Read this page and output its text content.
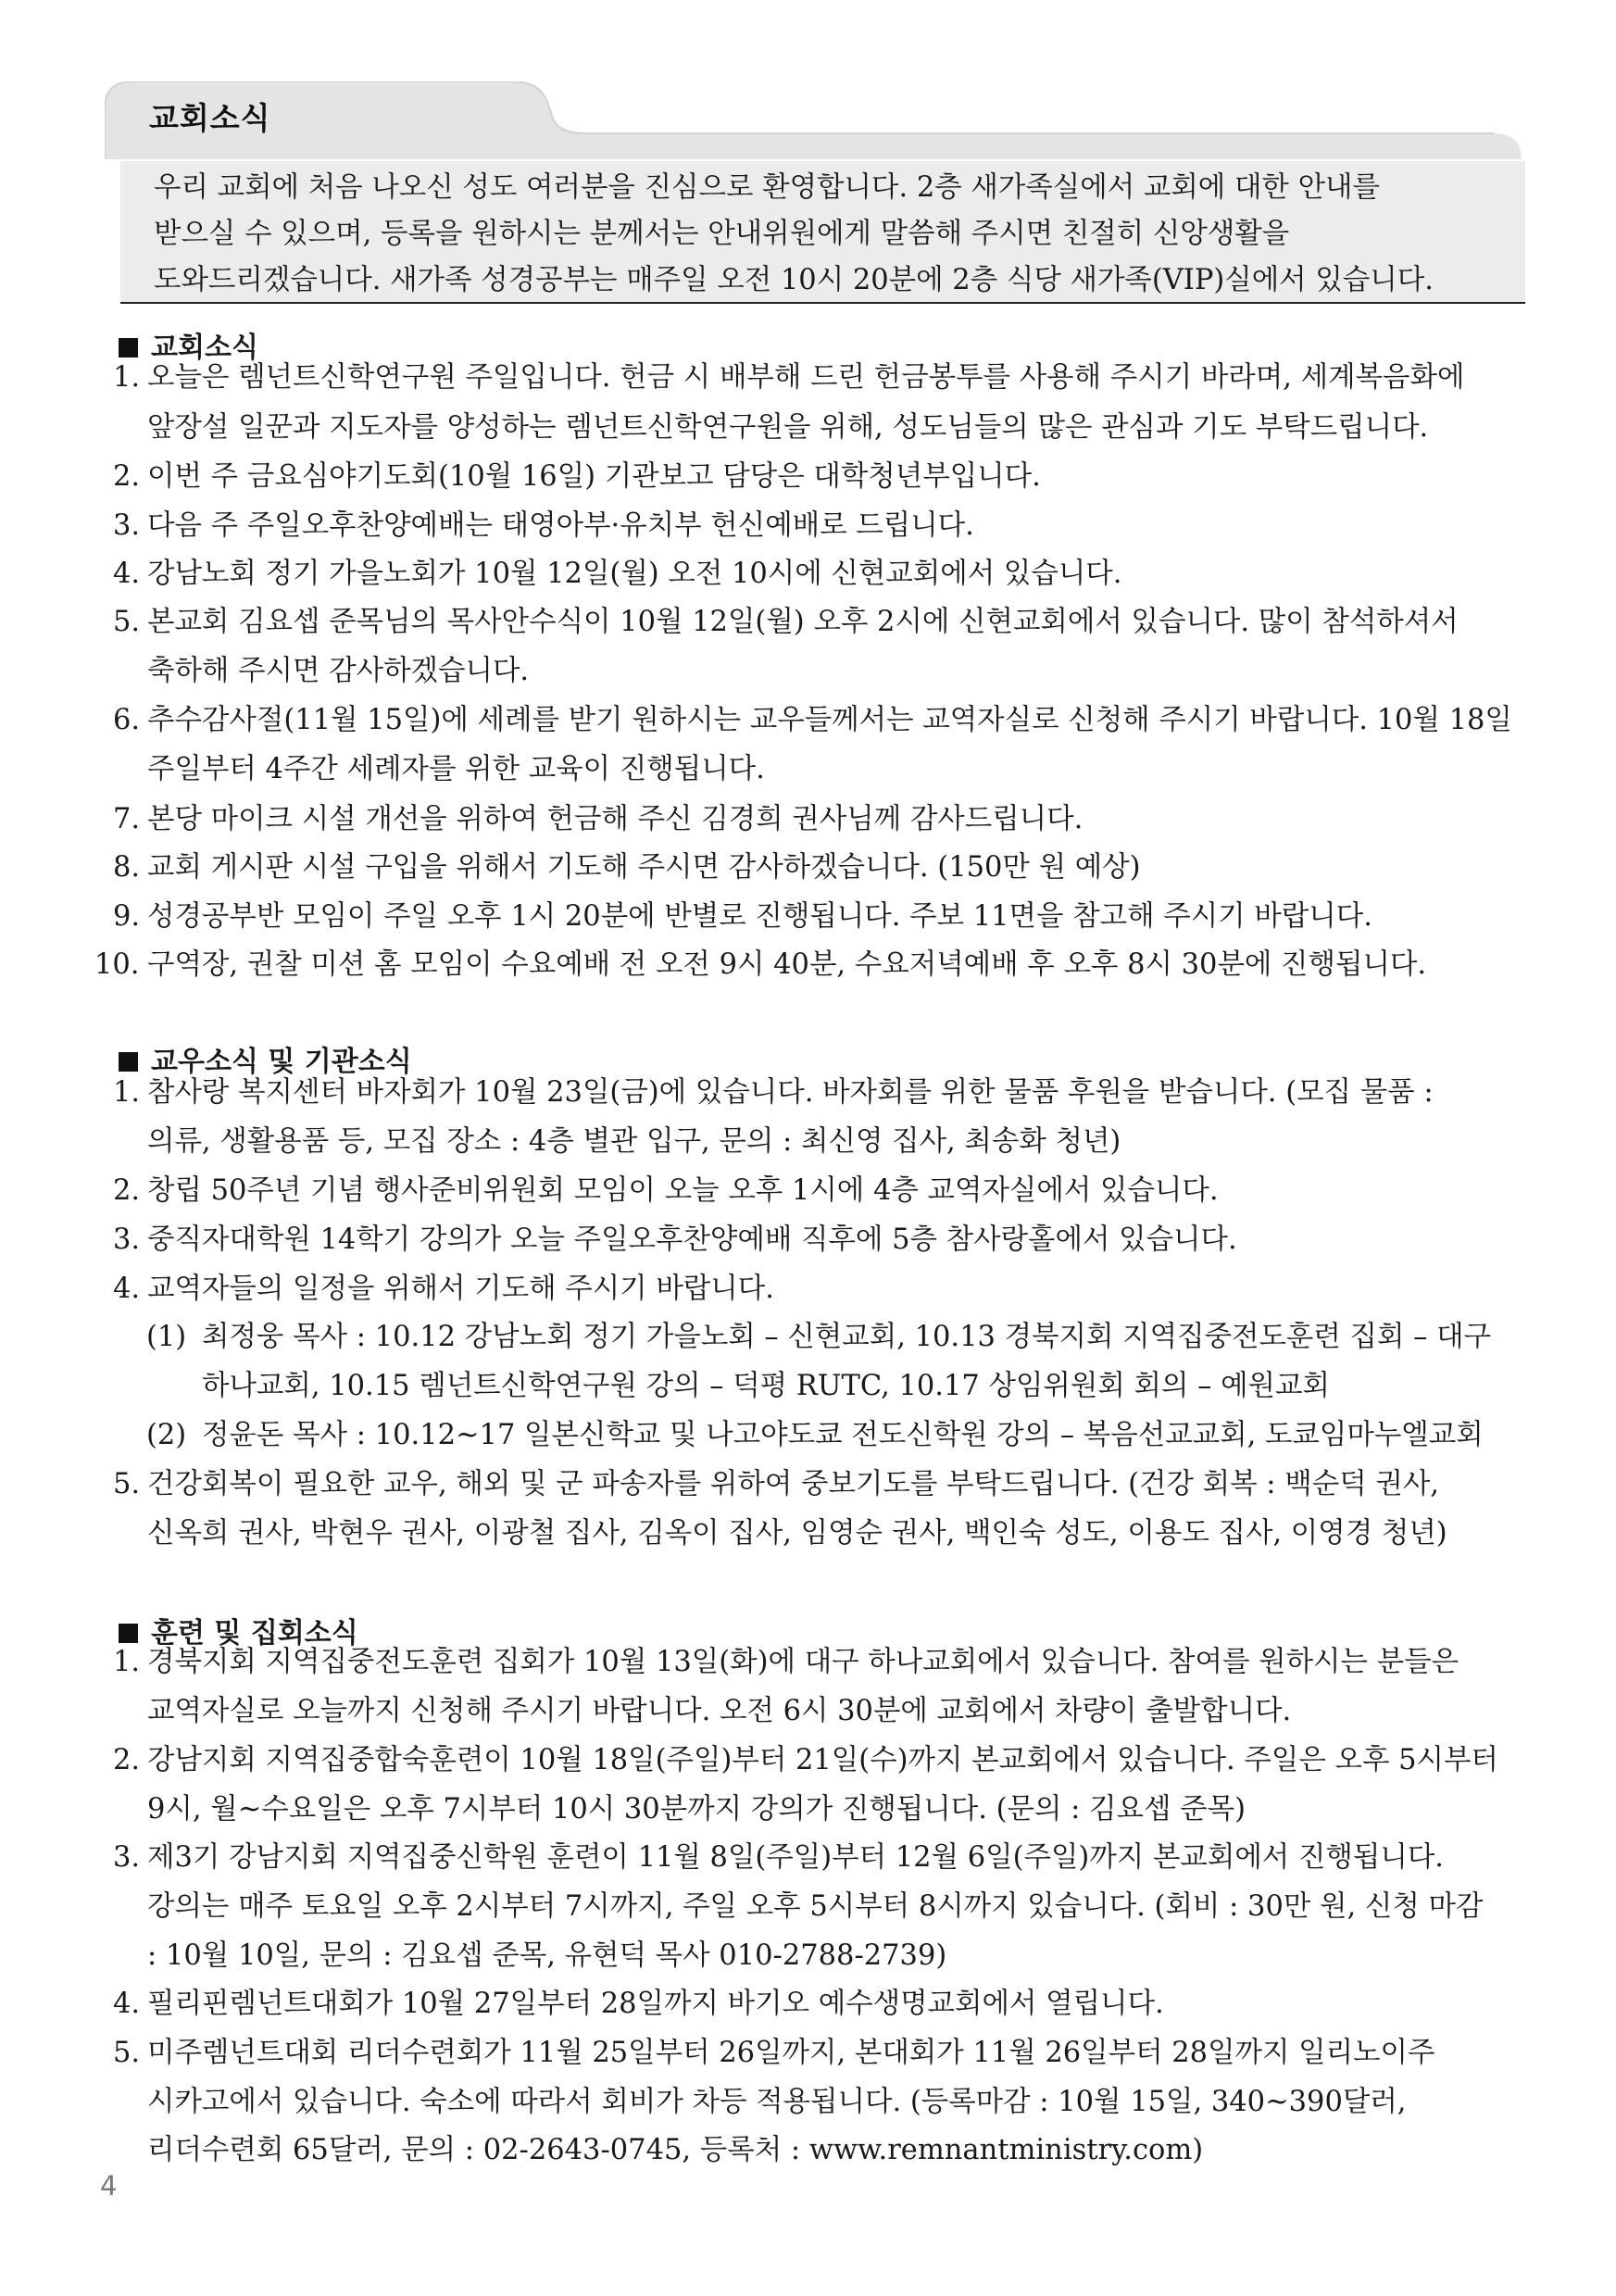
교회소식
우리 교회에 처음 나오신 성도 여러분을 진심으로 환영합니다. 2층 새가족실에서 교회에 대한 안내를
받으실 수 있으며, 등록을 원하시는 분께서는 안내위원에게 말씀해 주시면 친절히 신앙생활을
도와드리겠습니다. 새가족 성경공부는 매주일 오전 10시 20분에 2층 식당 새가족(VIP)실에서 있습니다.
교회소식
1. 오늘은 렘넌트신학연구원 주일입니다. 헌금 시 배부해 드린 헌금봉투를 사용해 주시기 바라며, 세계복음화에
앞장설 일꾼과 지도자를 양성하는 렘넌트신학연구원을 위해, 성도님들의 많은 관심과 기도 부탁드립니다.
2. 이번 주 금요심야기도회(10월 16일) 기관보고 담당은 대학청년부입니다.
3. 다음 주 주일오후찬양예배는 태영아부·유치부 헌신예배로 드립니다.
4. 강남노회 정기 가을노회가 10월 12일(월) 오전 10시에 신현교회에서 있습니다.
5. 본교회 김요셉 준목님의 목사안수식이 10월 12일(월) 오후 2시에 신현교회에서 있습니다. 많이 참석하셔서
축하해 주시면 감사하겠습니다.
6. 추수감사절(11월 15일)에 세례를 받기 원하시는 교우들께서는 교역자실로 신청해 주시기 바랍니다. 10월 18일
주일부터 4주간 세례자를 위한 교육이 진행됩니다.
7. 본당 마이크 시설 개선을 위하여 헌금해 주신 김경희 권사님께 감사드립니다.
8. 교회 게시판 시설 구입을 위해서 기도해 주시면 감사하겠습니다. (150만 원 예상)
9. 성경공부반 모임이 주일 오후 1시 20분에 반별로 진행됩니다. 주보 11면을 참고해 주시기 바랍니다.
10. 구역장, 권찰 미션 홈 모임이 수요예배 전 오전 9시 40분, 수요저녁예배 후 오후 8시 30분에 진행됩니다.
교우소식 및 기관소식
1. 참사랑 복지센터 바자회가 10월 23일(금)에 있습니다. 바자회를 위한 물품 후원을 받습니다. (모집 물품 :
의류, 생활용품 등, 모집 장소 : 4층 별관 입구, 문의 : 최신영 집사, 최송화 청년)
2. 창립 50주년 기념 행사준비위원회 모임이 오늘 오후 1시에 4층 교역자실에서 있습니다.
3. 중직자대학원 14학기 강의가 오늘 주일오후찬양예배 직후에 5층 참사랑홀에서 있습니다.
4. 교역자들의 일정을 위해서 기도해 주시기 바랍니다.
(1) 최정웅 목사 : 10.12 강남노회 정기 가을노회 – 신현교회, 10.13 경북지회 지역집중전도훈련 집회 – 대구
하나교회, 10.15 렘넌트신학연구원 강의 – 덕평 RUTC, 10.17 상임위원회 회의 – 예원교회
(2) 정윤돈 목사 : 10.12~17 일본신학교 및 나고야도쿄 전도신학원 강의 – 복음선교교회, 도쿄임마누엘교회
5. 건강회복이 필요한 교우, 해외 및 군 파송자를 위하여 중보기도를 부탁드립니다. (건강 회복 : 백순덕 권사,
신옥희 권사, 박현우 권사, 이광철 집사, 김옥이 집사, 임영순 권사, 백인숙 성도, 이용도 집사, 이영경 청년)
훈련 및 집회소식
1. 경북지회 지역집중전도훈련 집회가 10월 13일(화)에 대구 하나교회에서 있습니다. 참여를 원하시는 분들은
교역자실로 오늘까지 신청해 주시기 바랍니다. 오전 6시 30분에 교회에서 차량이 출발합니다.
2. 강남지회 지역집중합숙훈련이 10월 18일(주일)부터 21일(수)까지 본교회에서 있습니다. 주일은 오후 5시부터
9시, 월~수요일은 오후 7시부터 10시 30분까지 강의가 진행됩니다. (문의 : 김요셉 준목)
3. 제3기 강남지회 지역집중신학원 훈련이 11월 8일(주일)부터 12월 6일(주일)까지 본교회에서 진행됩니다.
강의는 매주 토요일 오후 2시부터 7시까지, 주일 오후 5시부터 8시까지 있습니다. (회비 : 30만 원, 신청 마감
: 10월 10일, 문의 : 김요셉 준목, 유현덕 목사 010-2788-2739)
4. 필리핀렘넌트대회가 10월 27일부터 28일까지 바기오 예수생명교회에서 열립니다.
5. 미주렘넌트대회 리더수련회가 11월 25일부터 26일까지, 본대회가 11월 26일부터 28일까지 일리노이주
시카고에서 있습니다. 숙소에 따라서 회비가 차등 적용됩니다. (등록마감 : 10월 15일, 340~390달러,
리더수련회 65달러, 문의 : 02-2643-0745, 등록처 : www.remnantministry.com)
4
